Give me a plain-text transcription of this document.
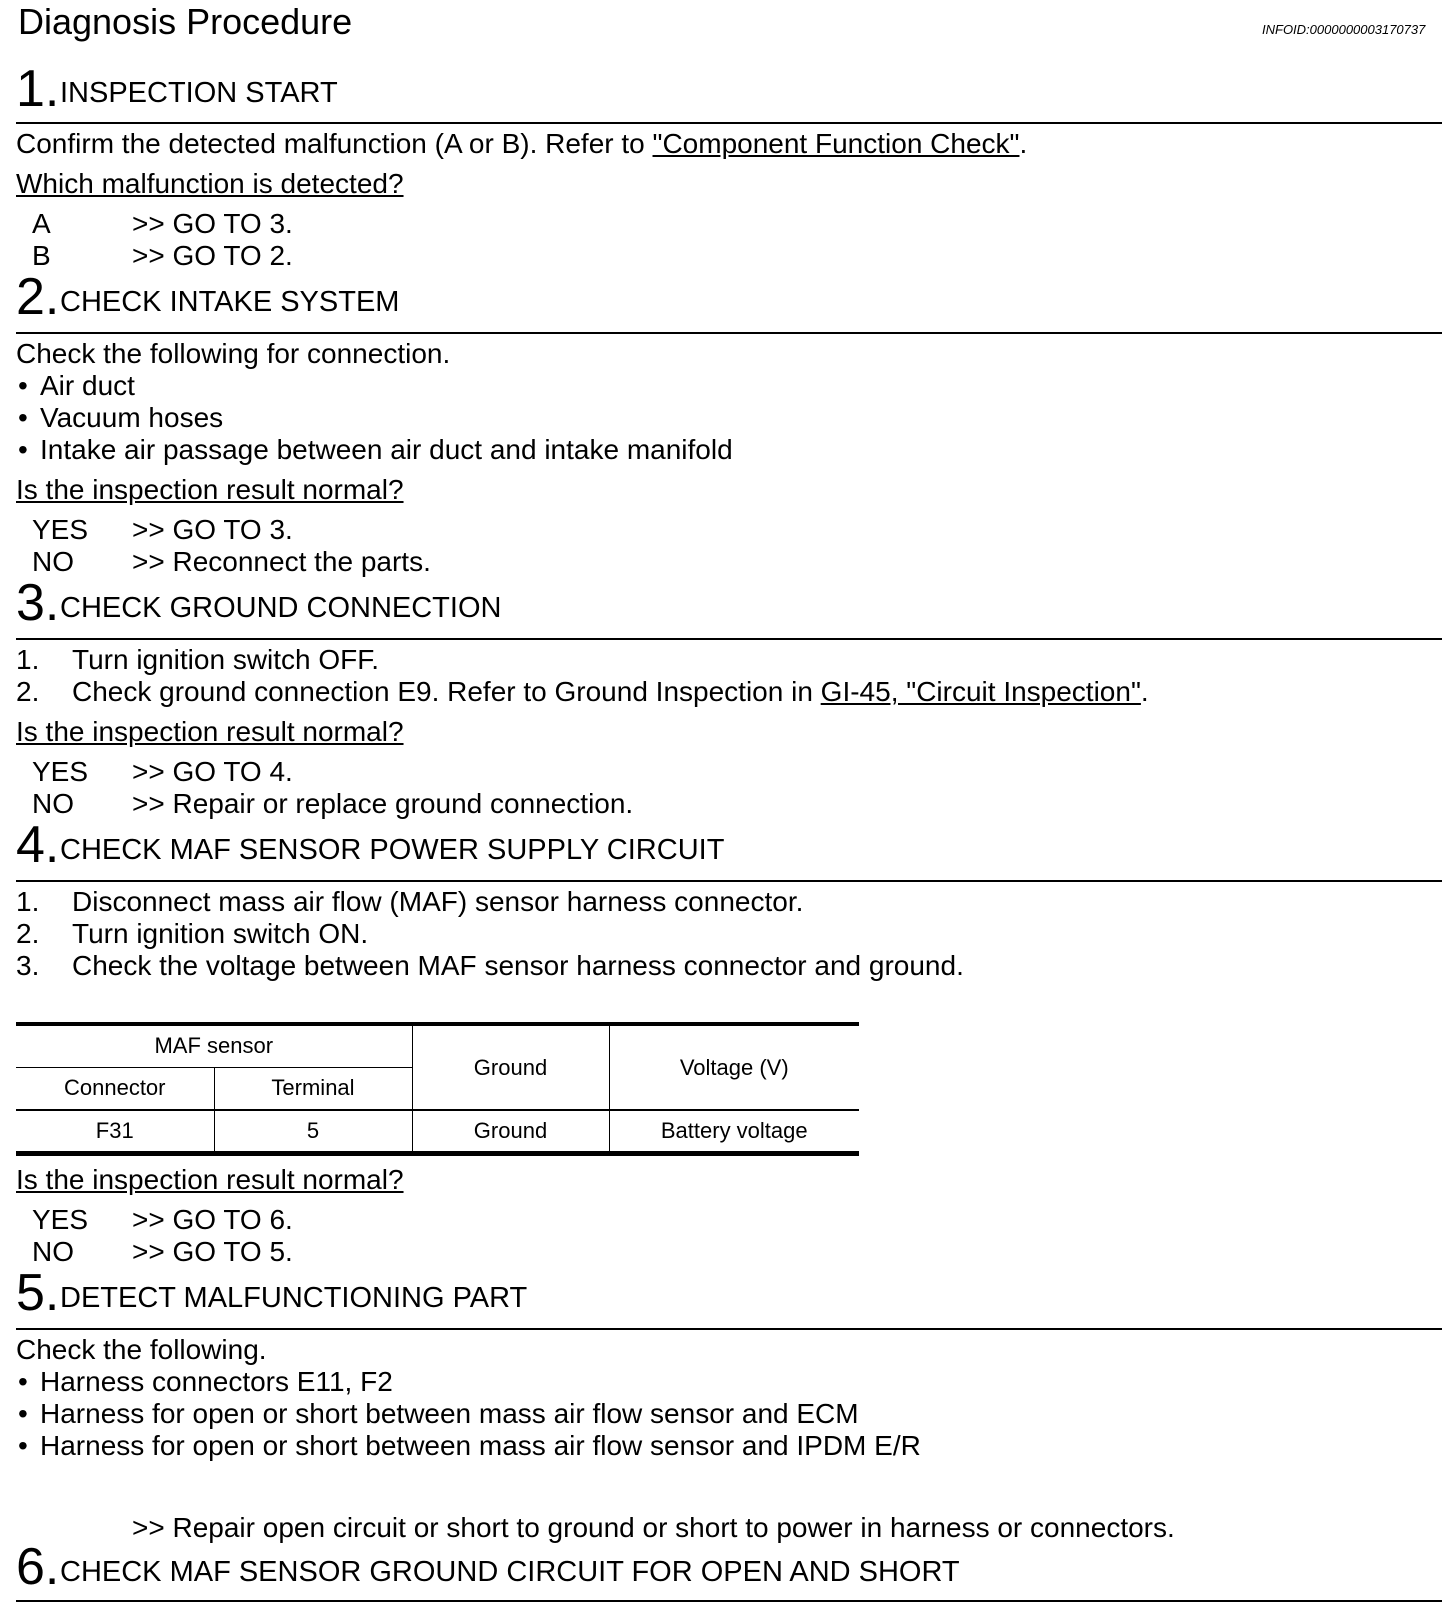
Diagnosis Procedure	INFOID:0000000003170737
1. INSPECTION START
Confirm the detected malfunction (A or B). Refer to "Component Function Check".
Which malfunction is detected?
A	>> GO TO 3.
B	>> GO TO 2.
2. CHECK INTAKE SYSTEM
Check the following for connection.
• Air duct
• Vacuum hoses
• Intake air passage between air duct and intake manifold
Is the inspection result normal?
YES >> GO TO 3.
NO >> Reconnect the parts.
3. CHECK GROUND CONNECTION
1. Turn ignition switch OFF.
2. Check ground connection E9. Refer to Ground Inspection in GI-45, "Circuit Inspection".
Is the inspection result normal?
YES >> GO TO 4.
NO >> Repair or replace ground connection.
4. CHECK MAF SENSOR POWER SUPPLY CIRCUIT
1. Disconnect mass air flow (MAF) sensor harness connector.
2. Turn ignition switch ON.
3. Check the voltage between MAF sensor harness connector and ground.
MAF sensor		Ground	Voltage (V)
Connector	Terminal		
F31	5	Ground	Battery voltage
Is the inspection result normal?
YES >> GO TO 6.
NO >> GO TO 5.
5. DETECT MALFUNCTIONING PART
Check the following.
• Harness connectors E11, F2
• Harness for open or short between mass air flow sensor and ECM
• Harness for open or short between mass air flow sensor and IPDM E/R
>> Repair open circuit or short to ground or short to power in harness or connectors.
6. CHECK MAF SENSOR GROUND CIRCUIT FOR OPEN AND SHORT
